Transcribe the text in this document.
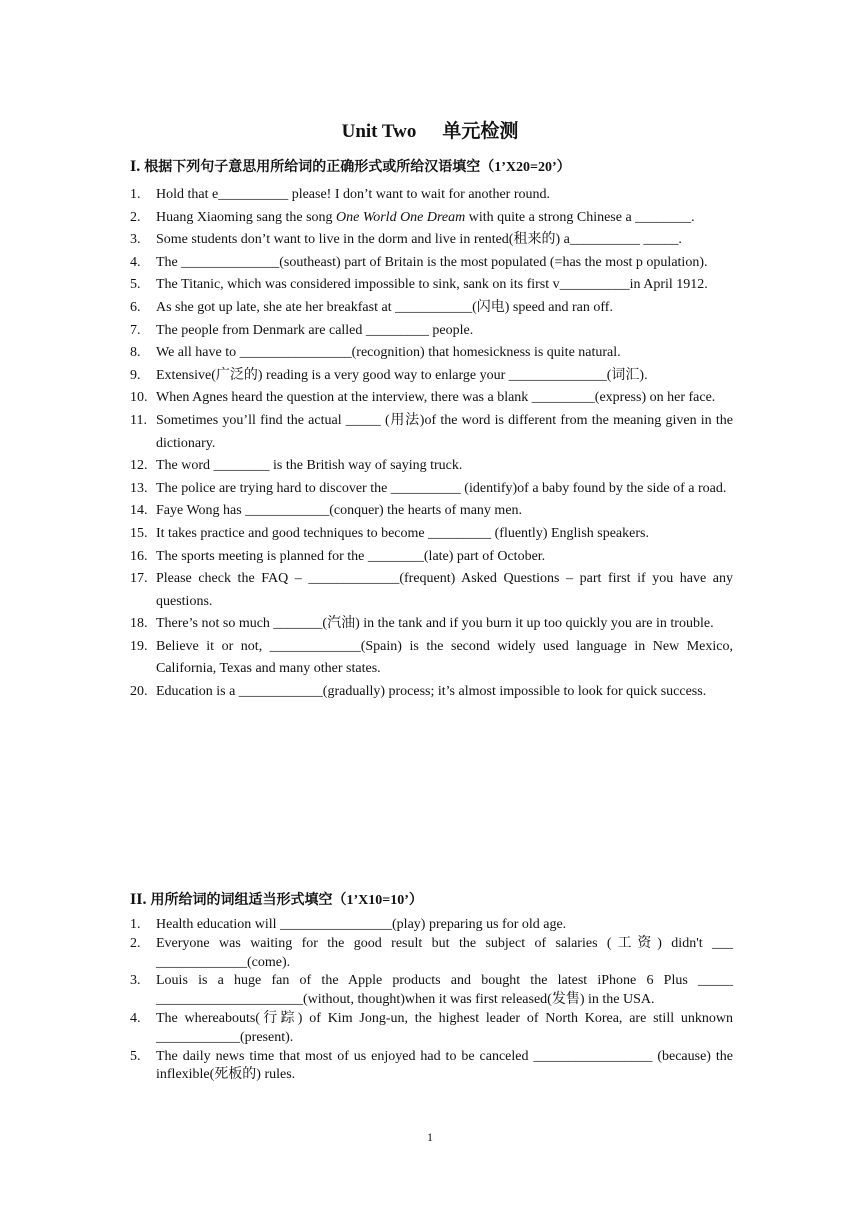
Unit Two 单元检测
I. 根据下列句子意思用所给词的正确形式或所给汉语填空（1’X20=20’）
1. Hold that e__________ please! I don’t want to wait for another round.
2. Huang Xiaoming sang the song One World One Dream with quite a strong Chinese a ________.
3. Some students don’t want to live in the dorm and live in rented(租来的) a__________ _____.
4. The ______________(southeast) part of Britain is the most populated (=has the most p opulation).
5. The Titanic, which was considered impossible to sink, sank on its first v__________in April 1912.
6. As she got up late, she ate her breakfast at ___________(闪电) speed and ran off.
7. The people from Denmark are called _________ people.
8. We all have to ________________(recognition) that homesickness is quite natural.
9. Extensive(广泛的) reading is a very good way to enlarge your ______________(词汇).
10. When Agnes heard the question at the interview, there was a blank _________(express) on her face.
11. Sometimes you’ll find the actual _____ (用法)of the word is different from the meaning given in the dictionary.
12. The word ________ is the British way of saying truck.
13. The police are trying hard to discover the __________ (identify)of a baby found by the side of a road.
14. Faye Wong has ____________(conquer) the hearts of many men.
15. It takes practice and good techniques to become _________ (fluently) English speakers.
16. The sports meeting is planned for the ________(late) part of October.
17. Please check the FAQ – _____________(frequent) Asked Questions – part first if you have any questions.
18. There’s not so much _______(汽油) in the tank and if you burn it up too quickly you are in trouble.
19. Believe it or not, _____________(Spain) is the second widely used language in New Mexico, California, Texas and many other states.
20. Education is a ____________(gradually) process; it’s almost impossible to look for quick success.
II. 用所给词的词组适当形式填空（1’X10=10’）
1. Health education will ________________(play) preparing us for old age.
2. Everyone was waiting for the good result but the subject of salaries (工资) didn't ___ _____________(come).
3. Louis is a huge fan of the Apple products and bought the latest iPhone 6 Plus _____ _____________________(without, thought)when it was first released(发售) in the USA.
4. The whereabouts(行踪) of Kim Jong-un, the highest leader of North Korea, are still unknown ____________(present).
5. The daily news time that most of us enjoyed had to be canceled _________________ (because) the inflexible(死板的) rules.
1
